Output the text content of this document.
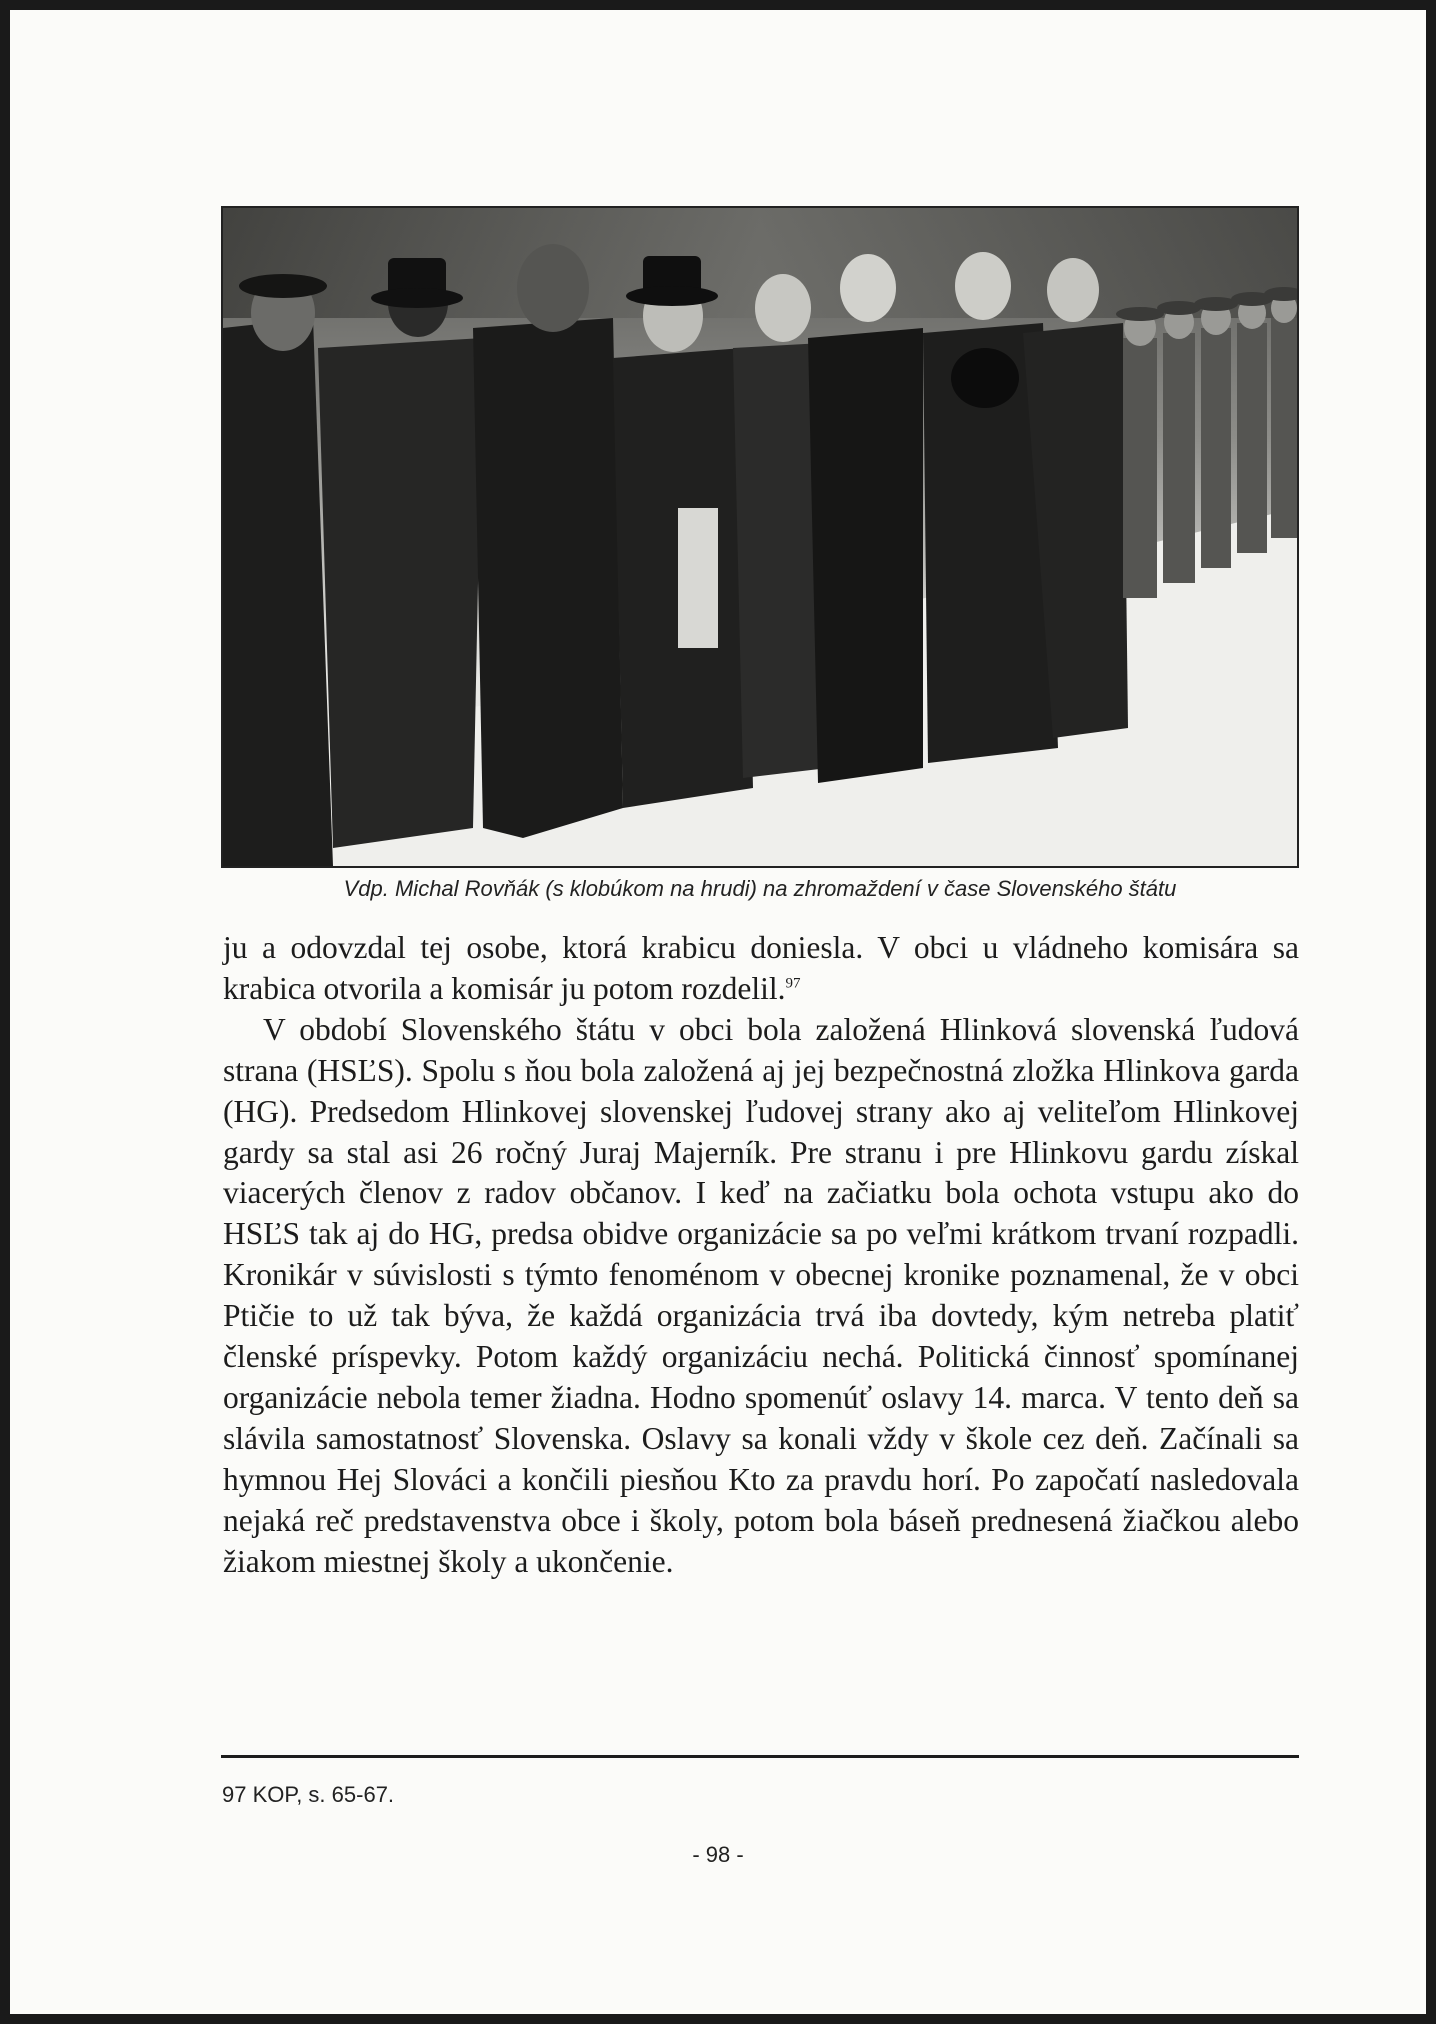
Vdp. Michal Rovňák (s klobúkom na hrudi) na zhromaždení v čase Slovenského štátu

ju a odovzdal tej osobe, ktorá krabicu doniesla. V obci u vládneho komisára sa krabica otvorila a komisár ju potom rozdelil.$^{97}$

V období Slovenského štátu v obci bola založená Hlinková slovenská ľudová strana (HSĽS). Spolu s ňou bola založená aj jej bezpečnostná zložka Hlinkova garda (HG). Predsedom Hlinkovej slovenskej ľudovej strany ako aj veliteľom Hlinkovej gardy sa stal asi 26 ročný Juraj Majerník. Pre stranu i pre Hlinkovu gardu získal viacerých členov z radov občanov. I keď na začiatku bola ochota vstupu ako do HSĽS tak aj do HG, predsa obidve organizácie sa po veľmi krátkom trvaní rozpadli. Kronikár v súvislosti s týmto fenoménom v obecnej kronike poznamenal, že v obci Ptičie to už tak býva, že každá organizácia trvá iba dovtedy, kým netreba platiť členské príspevky. Potom každý organizáciu nechá. Politická činnosť spomínanej organizácie nebola temer žiadna. Hodno spomenúť oslavy 14. marca. V tento deň sa slávila samostatnosť Slovenska. Oslavy sa konali vždy v škole cez deň. Začínali sa hymnou Hej Slováci a končili piesňou Kto za pravdu horí. Po započatí nasledovala nejaká reč predstavenstva obce i školy, potom bola báseň prednesená žiačkou alebo žiakom miestnej školy a ukončenie.

97 KOP, s. 65-67.
- 98 -
